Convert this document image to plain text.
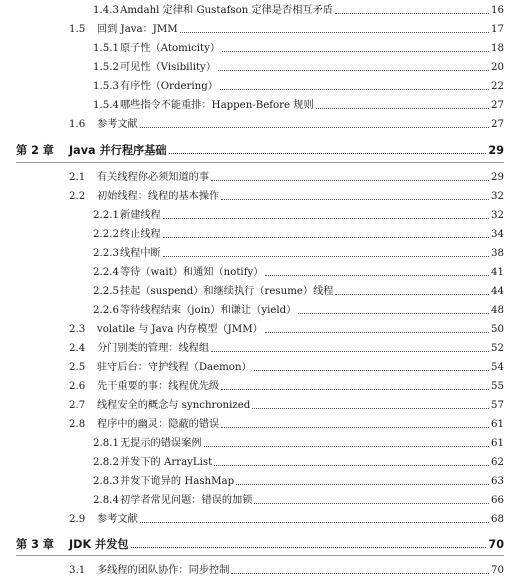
1.4.3 Amdahl 定律和 Gustafson 定律是否相互矛盾	16
1.5	回到 Java：JMM	17
1.5.1 原子性（Atomicity）	18
1.5.2 可见性（Visibility）	20
1.5.3 有序性（Ordering）	22
1.5.4 哪些指令不能重排：Happen-Before 规则	27
1.6	参考文献	27
第 2 章	Java 并行程序基础	29
2.1	有关线程你必须知道的事	29
2.2	初始线程：线程的基本操作	32
2.2.1 新建线程	32
2.2.2 终止线程	34
2.2.3 线程中断	38
2.2.4 等待（wait）和通知（notify）	41
2.2.5 挂起（suspend）和继续执行（resume）线程	44
2.2.6 等待线程结束（join）和谦让（yield）	48
2.3	volatile 与 Java 内存模型（JMM）	50
2.4	分门别类的管理：线程组	52
2.5	驻守后台：守护线程（Daemon）	54
2.6	先干重要的事：线程优先级	55
2.7	线程安全的概念与 synchronized	57
2.8	程序中的幽灵：隐蔽的错误	61
2.8.1 无提示的错误案例	61
2.8.2 并发下的 ArrayList	62
2.8.3 并发下诡异的 HashMap	63
2.8.4 初学者常见问题：错误的加锁	66
2.9	参考文献	68
第 3 章	JDK 并发包	70
3.1	多线程的团队协作：同步控制	70
